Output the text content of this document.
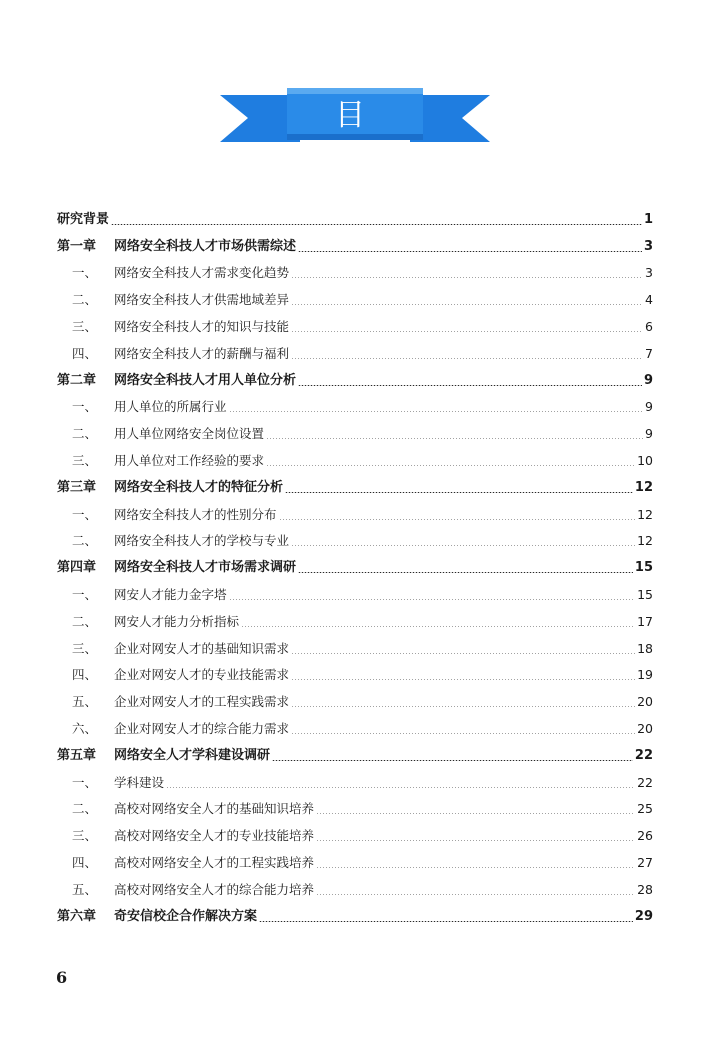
目 录
研究背景	1
第一章	网络安全科技人才市场供需综述	3
一、	网络安全科技人才需求变化趋势	3
二、	网络安全科技人才供需地域差异	4
三、	网络安全科技人才的知识与技能	6
四、	网络安全科技人才的薪酬与福利	7
第二章	网络安全科技人才用人单位分析	9
一、	用人单位的所属行业	9
二、	用人单位网络安全岗位设置	9
三、	用人单位对工作经验的要求	10
第三章	网络安全科技人才的特征分析	12
一、	网络安全科技人才的性别分布	12
二、	网络安全科技人才的学校与专业	12
第四章	网络安全科技人才市场需求调研	15
一、	网安人才能力金字塔	15
二、	网安人才能力分析指标	17
三、	企业对网安人才的基础知识需求	18
四、	企业对网安人才的专业技能需求	19
五、	企业对网安人才的工程实践需求	20
六、	企业对网安人才的综合能力需求	20
第五章	网络安全人才学科建设调研	22
一、	学科建设	22
二、	高校对网络安全人才的基础知识培养	25
三、	高校对网络安全人才的专业技能培养	26
四、	高校对网络安全人才的工程实践培养	27
五、	高校对网络安全人才的综合能力培养	28
第六章	奇安信校企合作解决方案	29
6
